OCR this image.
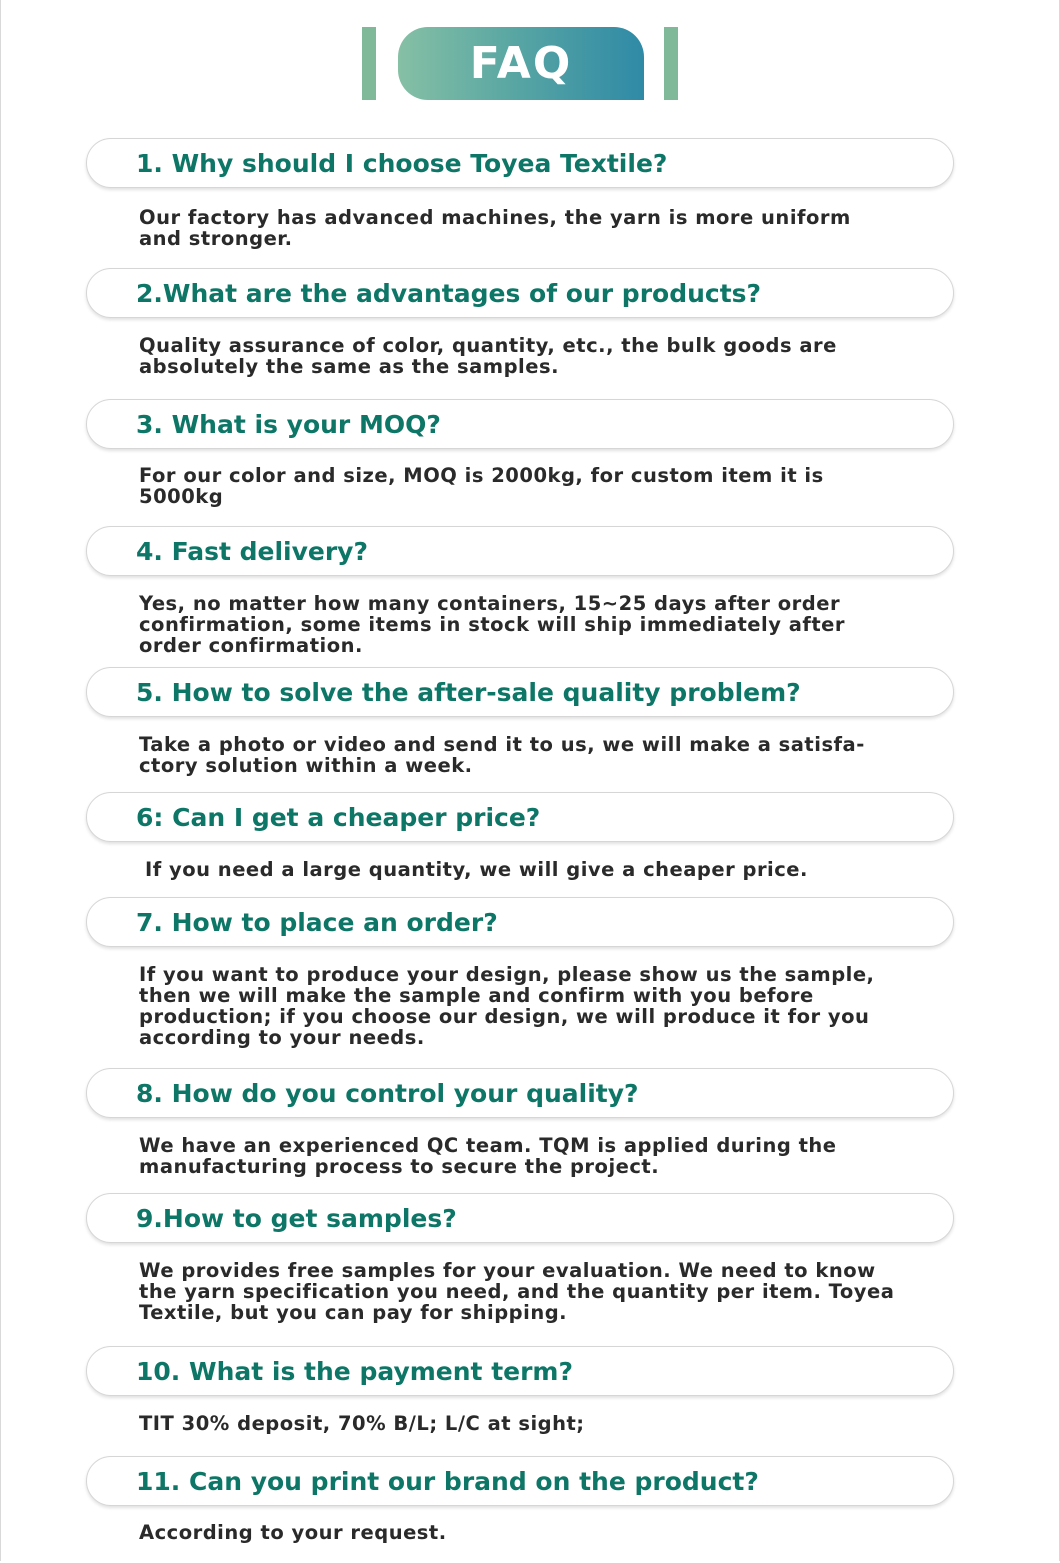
FAQ
1. Why should I choose Toyea Textile?
Our factory has advanced machines, the yarn is more uniform and stronger.
2.What are the advantages of our products?
Quality assurance of color, quantity, etc., the bulk goods are absolutely the same as the samples.
3. What is your MOQ?
For our color and size, MOQ is 2000kg, for custom item it is 5000kg
4. Fast delivery?
Yes, no matter how many containers, 15~25 days after order confirmation, some items in stock will ship immediately after order confirmation.
5. How to solve the after-sale quality problem?
Take a photo or video and send it to us, we will make a satisfa-ctory solution within a week.
6: Can I get a cheaper price?
If you need a large quantity, we will give a cheaper price.
7. How to place an order?
If you want to produce your design, please show us the sample, then we will make the sample and confirm with you before production; if you choose our design, we will produce it for you according to your needs.
8. How do you control your quality?
We have an experienced QC team. TQM is applied during the manufacturing process to secure the project.
9.How to get samples?
We provides free samples for your evaluation. We need to know the yarn specification you need, and the quantity per item. Toyea Textile, but you can pay for shipping.
10. What is the payment term?
TIT 30% deposit, 70% B/L; L/C at sight;
11. Can you print our brand on the product?
According to your request.
